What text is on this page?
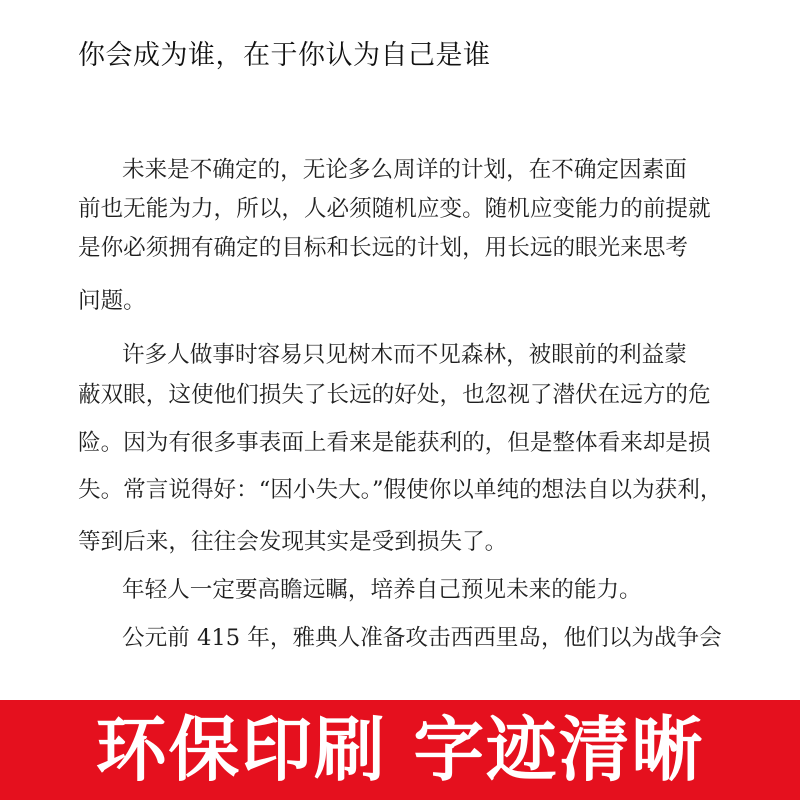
你会成为谁，在于你认为自己是谁

未来是不确定的，无论多么周详的计划，在不确定因素面

前也无能为力，所以，人必须随机应变。随机应变能力的前提就

是你必须拥有确定的目标和长远的计划，用长远的眼光来思考

问题。

许多人做事时容易只见树木而不见森林，被眼前的利益蒙

蔽双眼，这使他们损失了长远的好处，也忽视了潜伏在远方的危

险。因为有很多事表面上看来是能获利的，但是整体看来却是损

失。常言说得好：“因小失大。”假使你以单纯的想法自以为获利，

等到后来，往往会发现其实是受到损失了。

年轻人一定要高瞻远瞩，培养自己预见未来的能力。

公元前 415 年，雅典人准备攻击西西里岛，他们以为战争会

环保印刷 字迹清晰
